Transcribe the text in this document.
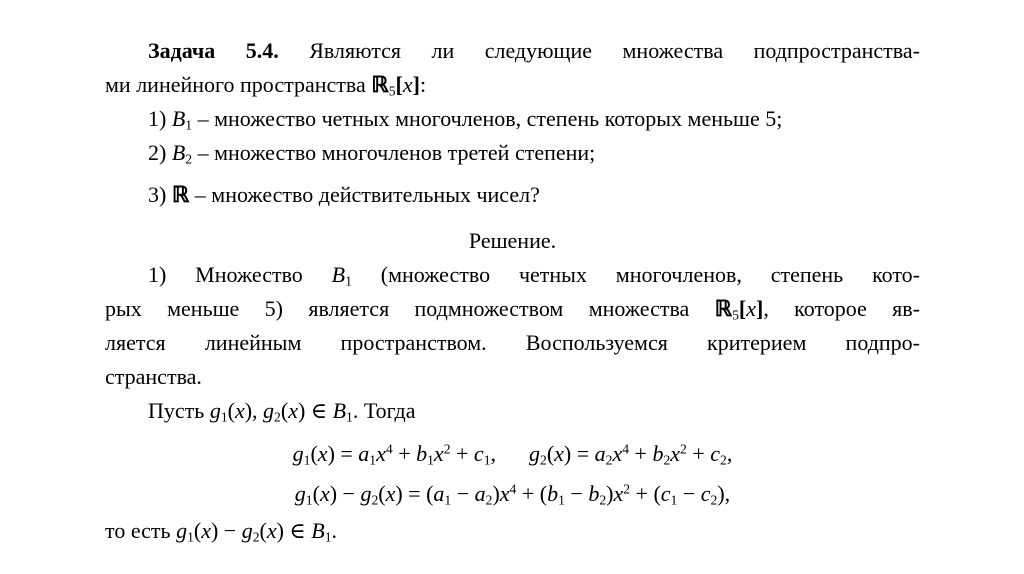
Задача 5.4. Являются ли следующие множества подпространства-
ми линейного пространства ℝ5[x]:
1) B1 – множество четных многочленов, степень которых меньше 5;
2) B2 – множество многочленов третей степени;
3) ℝ – множество действительных чисел?
Решение.
1) Множество B1 (множество четных многочленов, степень кото-
рых меньше 5) является подмножеством множества ℝ5[x], которое яв-
ляется линейным пространством. Воспользуемся критерием подпро-
странства.
Пусть g1(x), g2(x) ∈ B1. Тогда
$g1(x) = a1x^4 + b1x^2 + c1$,  $g2(x) = a2x^4 + b2x^2 + c2$,
$g1(x) - g2(x) = (a1 - a2)x^4 + (b1 - b2)x^2 + (c1 - c2)$,
то есть g1(x) − g2(x) ∈ B1.
